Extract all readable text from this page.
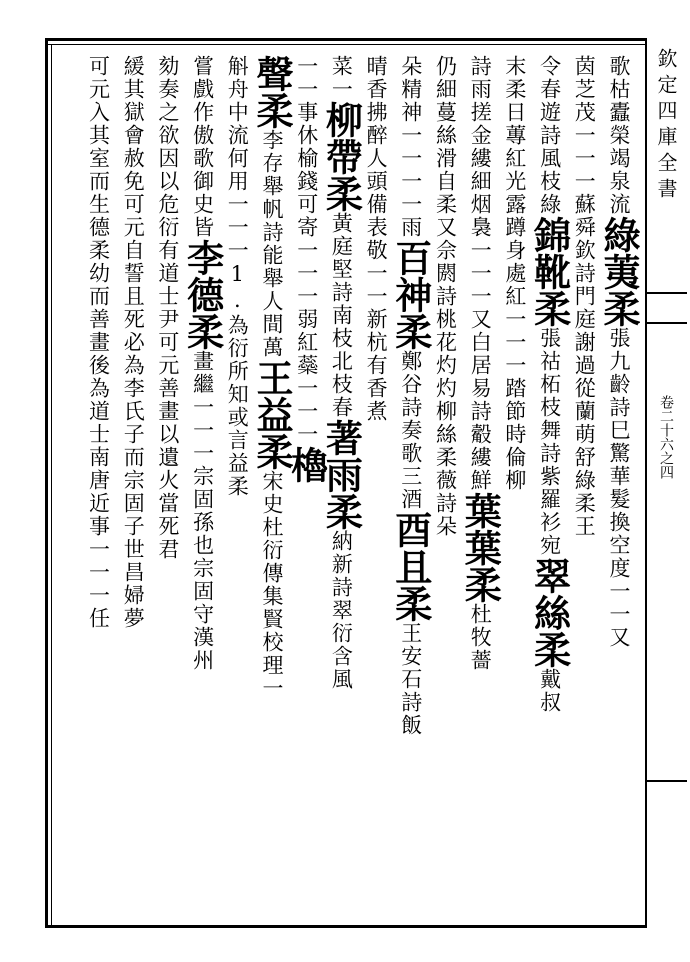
欽定四庫全書
卷二十六之四
歌枯蠹榮竭泉流綠荑柔張九齡詩巳驚華髮換空度一一又
茵芝茂一一一蘇舜欽詩門庭謝過從蘭萌舒綠柔王
令春遊詩風枝綠錦靴柔張祜柘枝舞詩紫羅衫宛翠絲柔戴叔
末柔日蓴紅光露蹲身處紅一一一踏節時倫柳
詩雨搓金縷細烟裊一一一又白居易詩觳縷鮮葉葉柔杜牧薔
仍細蔓絲滑自柔又佘閼詩桃花灼灼柳絲柔薇詩朵
朵精神一一一一雨百神柔鄭谷詩奏歌三酒酉且柔王安石詩飯
晴香拂醉人頭備表敬一一新杭有香煮
菜一柳帶柔黃庭堅詩南枝北枝春著雨柔納新詩翠衍含風
一一事休榆錢可寄一一一弱紅蘂一一一櫓
聲柔李存舉帆詩能舉人間萬王益柔宋史杜衍傳集賢校理一
斛舟中流何用一一一1.為衍所知或言益柔
嘗戲作傲歌御史皆李德柔畫繼一一一宗固孫也宗固守漢州
劾奏之欲因以危衍有道士尹可元善畫以遺火當死君
緩其獄會赦免可元自誓且死必為李氏子而宗固子世昌婦夢
可元入其室而生德柔幼而善畫後為道士南唐近事一一一任
